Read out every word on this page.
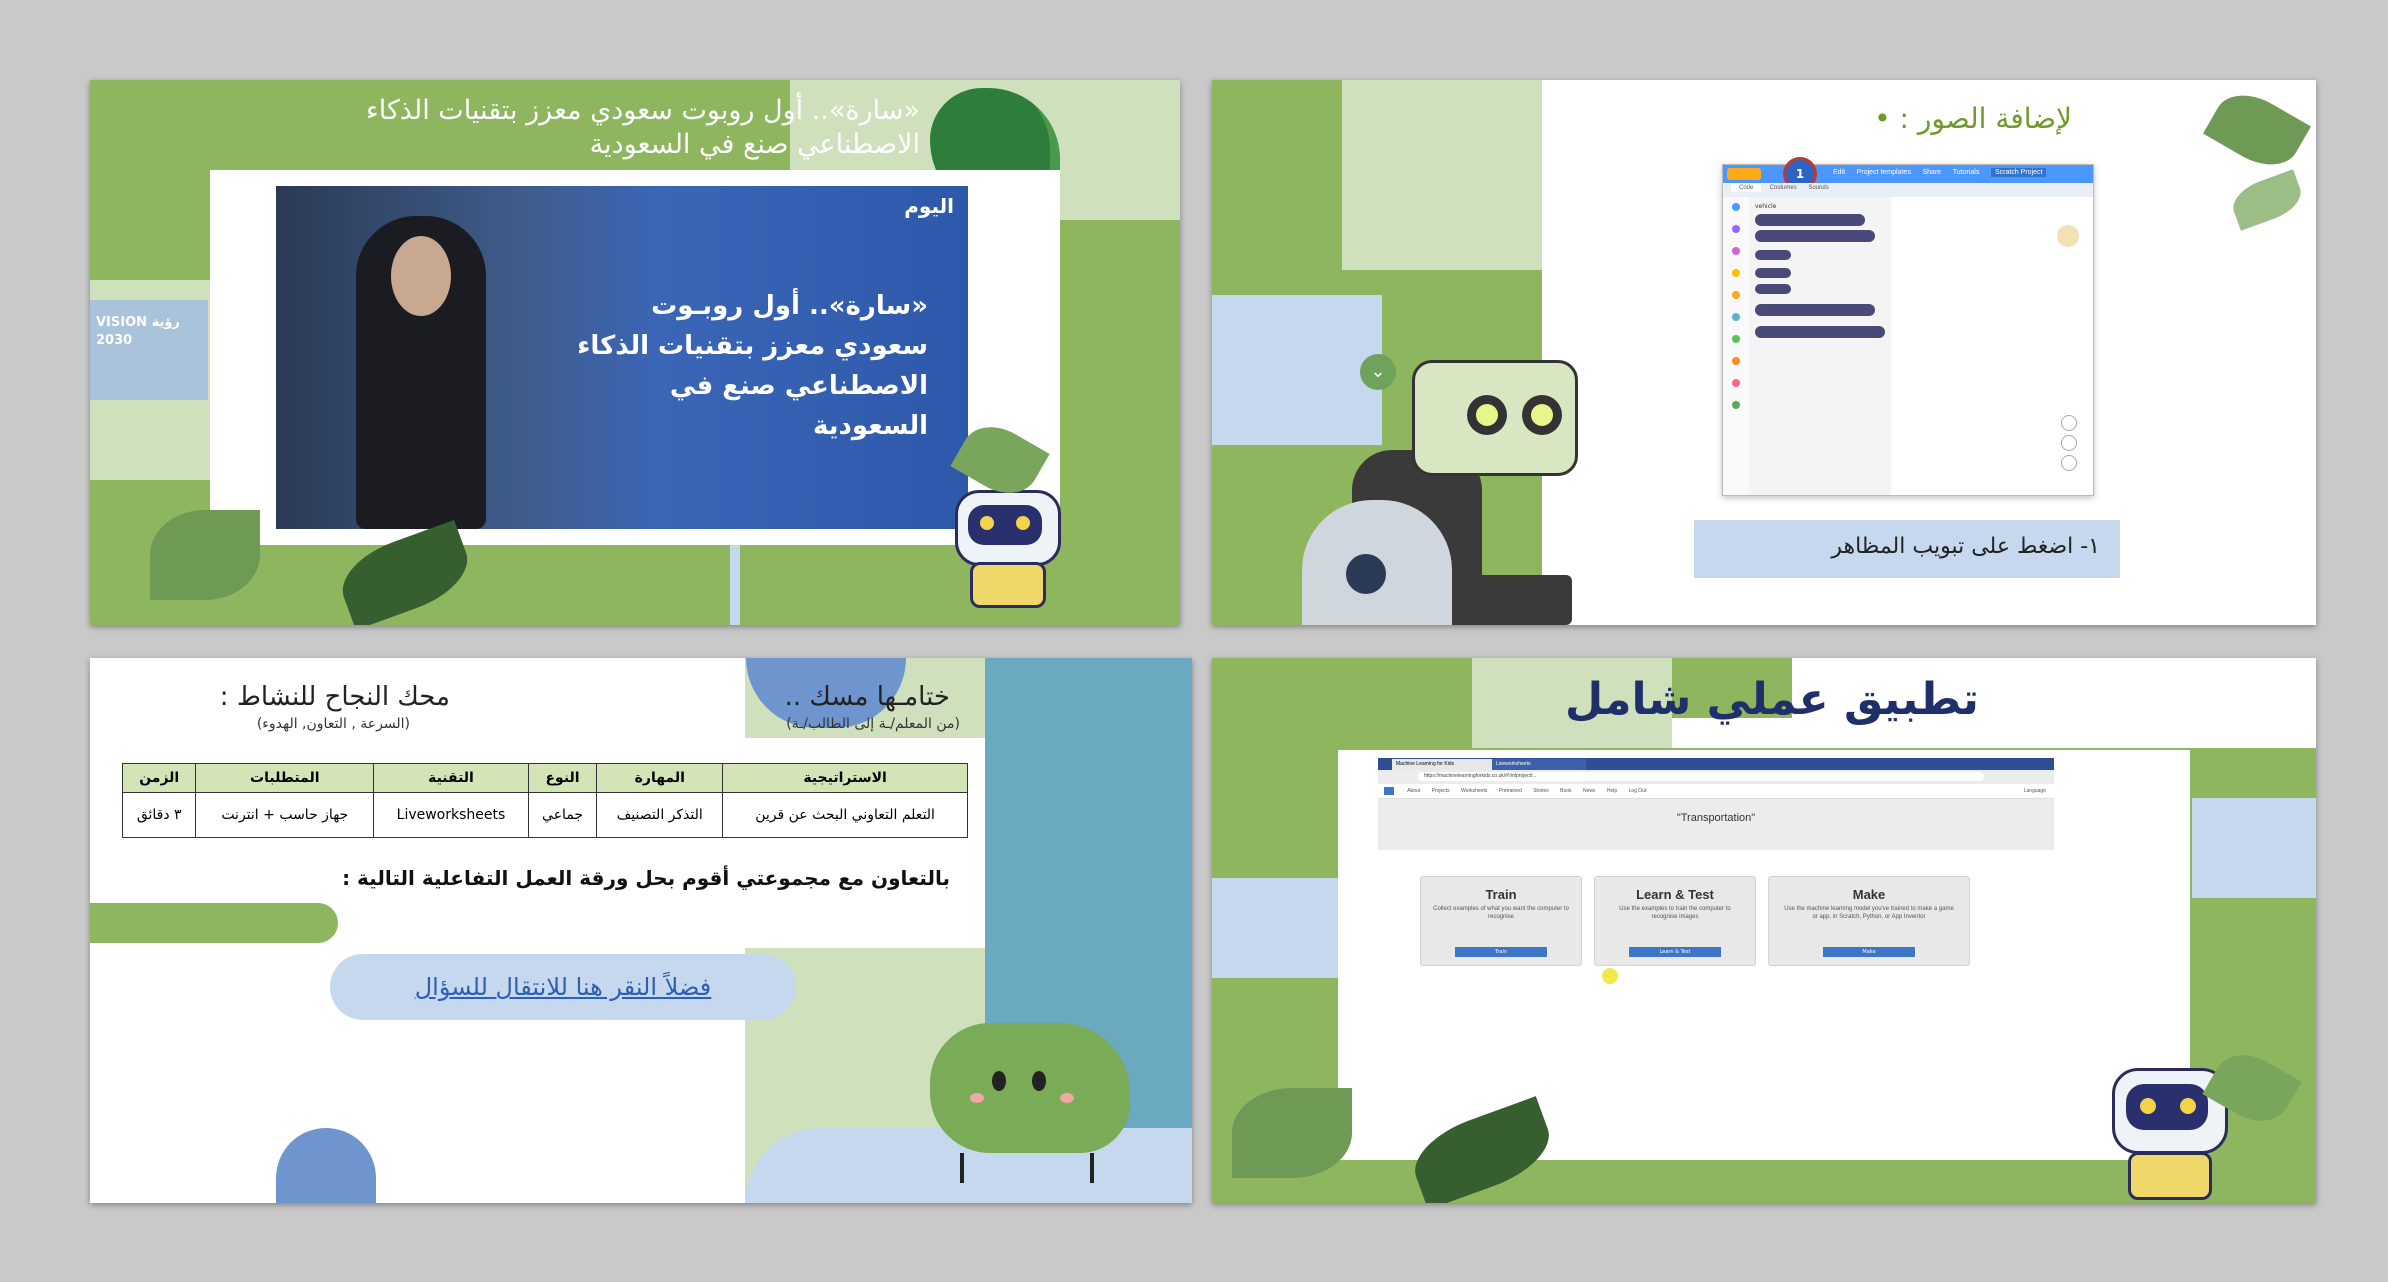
VISION رؤية 2030
«سارة».. أول روبوت سعودي معزز بتقنيات الذكاء الاصطناعي صنع في السعودية
اليوم
«سارة».. أول روبـوت سعودي معزز بتقنيات الذكاء الاصطناعي صنع في السعودية
لإضافة الصور : •
Edit Project templates Share Tutorials Scratch Project
1
Code	Costumes Sounds
vehicle
١- اضغط على تبويب المظاهر
⌄
ختامـها مسك ..
(من المعلم/ـة إلى الطالب/ـة)
محك النجاح للنشاط :
(السرعة , التعاون, الهدوء)
الاستراتيجية	المهارة	النوع	التقنية	المتطلبات	الزمن
التعلم التعاوني البحث عن قرين	التذكر التصنيف	جماعي	Liveworksheets	جهاز حاسب + انترنت	٣ دقائق
بالتعاون مع مجموعتي أقوم بحل ورقة العمل التفاعلية التالية :
فضلاً النقر هنا للانتقال للسؤال
تطبيق عملي شامل
Machine Learning for Kids	Liveworksheets
https://machinelearningforkids.co.uk/#!/mlproject/...
About Projects Worksheets Pretrained Stories Book News Help Log Out	Language
"Transportation"
Train
Collect examples of what you want the computer to recognise
Train
Learn & Test
Use the examples to train the computer to recognise images
Learn & Test
Make
Use the machine learning model you've trained to make a game or app, in Scratch, Python, or App Inventor
Make
